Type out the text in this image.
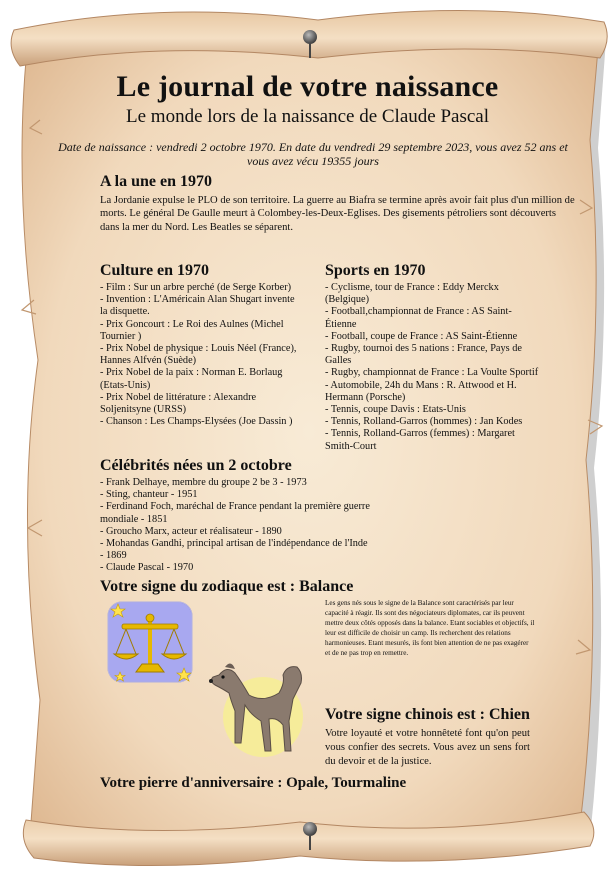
Le journal de votre naissance
Le monde lors de la naissance de Claude Pascal
Date de naissance : vendredi 2 octobre 1970. En date du vendredi 29 septembre 2023, vous avez 52 ans et vous avez vécu 19355 jours
A la une en 1970
La Jordanie expulse le PLO de son territoire. La guerre au Biafra se termine après avoir fait plus d'un million de morts. Le général De Gaulle meurt à Colombey-les-Deux-Eglises. Des gisements pétroliers sont découverts dans la mer du Nord. Les Beatles se séparent.
Culture en 1970
- Film : Sur un arbre perché (de Serge Korber)
- Invention : L'Américain Alan Shugart invente la disquette.
- Prix Goncourt : Le Roi des Aulnes (Michel Tournier )
- Prix Nobel de physique : Louis Néel (France), Hannes Alfvén (Suède)
- Prix Nobel de la paix : Norman E. Borlaug (Etats-Unis)
- Prix Nobel de littérature : Alexandre Soljenitsyne (URSS)
- Chanson : Les Champs-Elysées (Joe Dassin )
Sports en 1970
- Cyclisme, tour de France : Eddy Merckx (Belgique)
- Football,championnat de France : AS Saint-Étienne
- Football, coupe de France : AS Saint-Étienne
- Rugby, tournoi des 5 nations : France, Pays de Galles
- Rugby, championnat de France : La Voulte Sportif
- Automobile, 24h du Mans : R. Attwood et H. Hermann (Porsche)
- Tennis, coupe Davis : Etats-Unis
- Tennis, Rolland-Garros (hommes) : Jan Kodes
- Tennis, Rolland-Garros (femmes) : Margaret Smith-Court
Célébrités nées un 2 octobre
- Frank Delhaye, membre du groupe 2 be 3 - 1973
- Sting, chanteur - 1951
- Ferdinand Foch, maréchal de France pendant la première guerre mondiale - 1851
- Groucho Marx, acteur et réalisateur - 1890
- Mohandas Gandhi, principal artisan de l'indépendance de l'Inde - 1869
- Claude Pascal - 1970
Votre signe du zodiaque est : Balance
Les gens nés sous le signe de la Balance sont caractérisés par leur capacité à réagir. Ils sont des négociateurs diplomates, car ils peuvent mettre deux côtés opposés dans la balance. Etant sociables et objectifs, il leur est difficile de choisir un camp. Ils recherchent des relations harmonieuses. Etant mesurés, ils font bien attention de ne pas exagérer et de ne pas trop en remettre.
Votre signe chinois est : Chien
Votre loyauté et votre honnêteté font qu'on peut vous confier des secrets. Vous avez un sens fort du devoir et de la justice.
Votre pierre d'anniversaire : Opale, Tourmaline
